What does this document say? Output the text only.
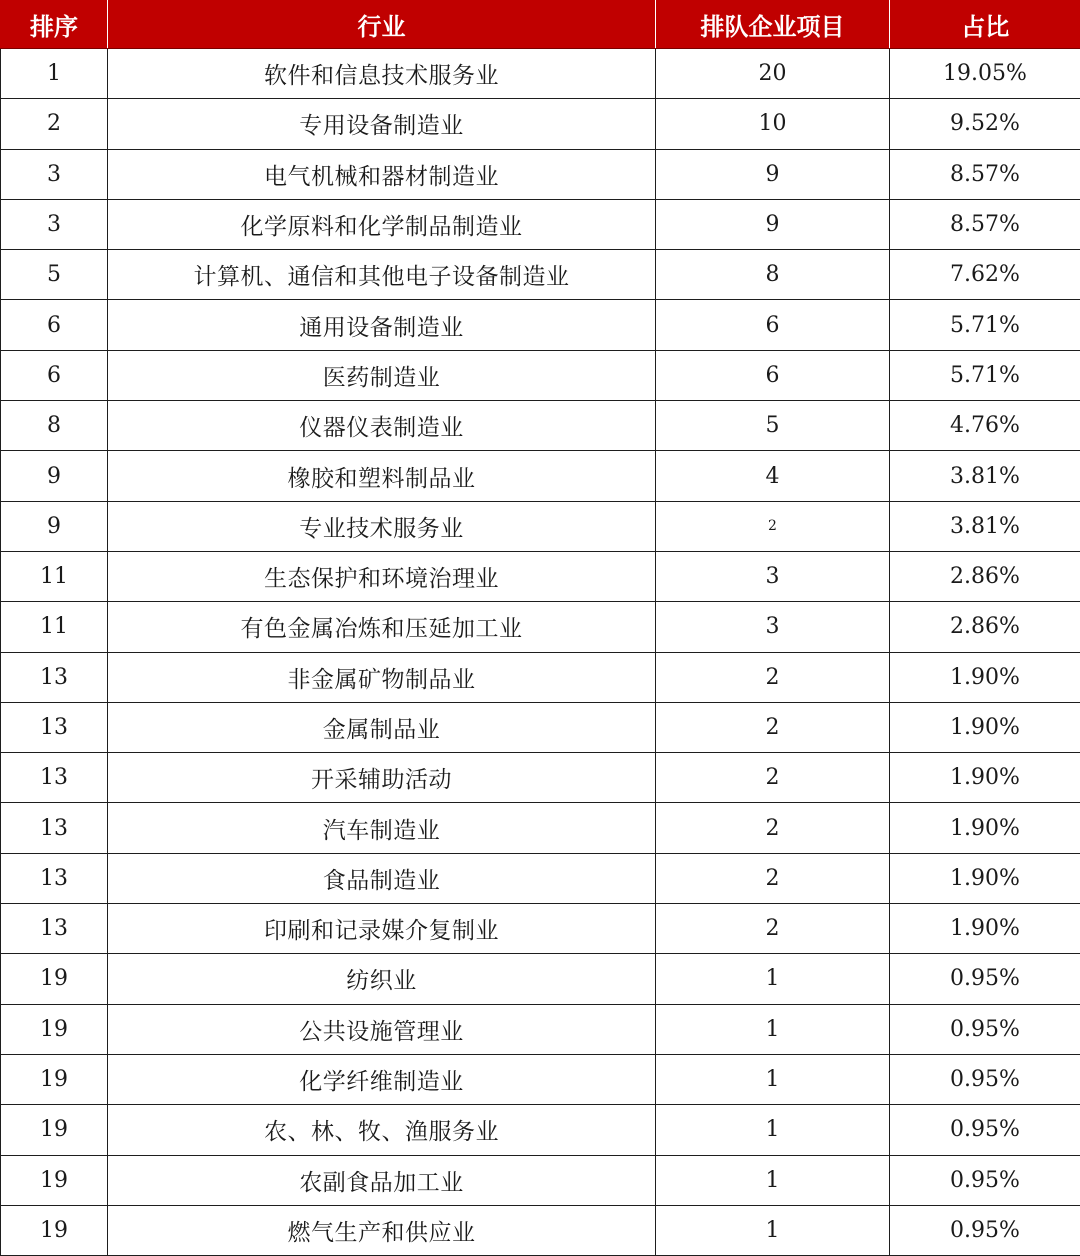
排序	行业	排队企业项目	占比
1	软件和信息技术服务业	20	19.05%
2	专用设备制造业	10	9.52%
3	电气机械和器材制造业	9	8.57%
3	化学原料和化学制品制造业	9	8.57%
5	计算机、通信和其他电子设备制造业	8	7.62%
6	通用设备制造业	6	5.71%
6	医药制造业	6	5.71%
8	仪器仪表制造业	5	4.76%
9	橡胶和塑料制品业	4	3.81%
9	专业技术服务业	2	3.81%
11	生态保护和环境治理业	3	2.86%
11	有色金属冶炼和压延加工业	3	2.86%
13	非金属矿物制品业	2	1.90%
13	金属制品业	2	1.90%
13	开采辅助活动	2	1.90%
13	汽车制造业	2	1.90%
13	食品制造业	2	1.90%
13	印刷和记录媒介复制业	2	1.90%
19	纺织业	1	0.95%
19	公共设施管理业	1	0.95%
19	化学纤维制造业	1	0.95%
19	农、林、牧、渔服务业	1	0.95%
19	农副食品加工业	1	0.95%
19	燃气生产和供应业	1	0.95%
